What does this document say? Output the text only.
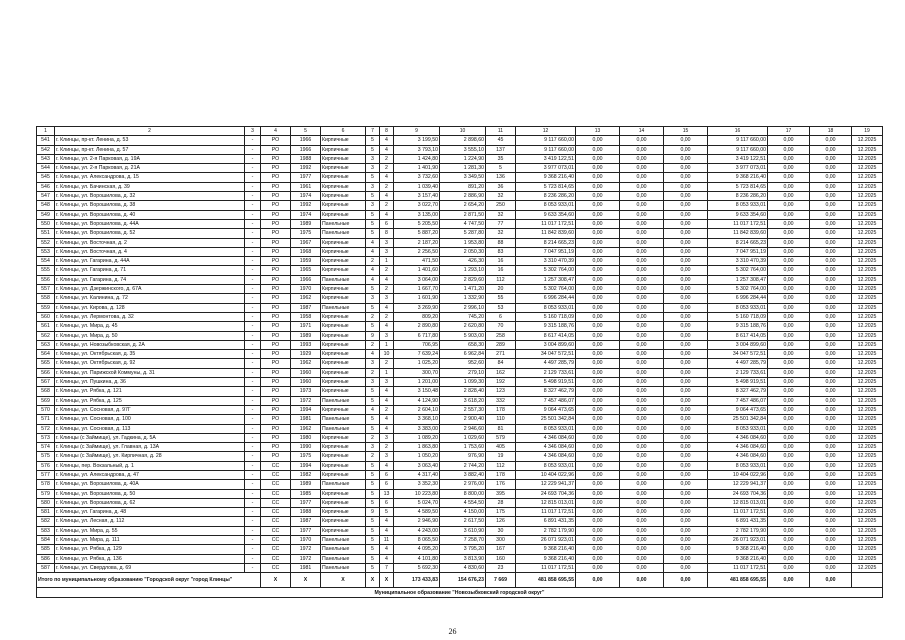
1	2	3	4	5	6	7	8	9	10	11	12	13	14	15	16	17	18	19
541	г. Клинцы, пр-кт. Ленина, д. 53	-	РО	1966	Кирпичные	5	4	3 199,50	2 898,60	45	9 117 660,00	0,00	0,00	0,00	9 117 660,00	0,00	0,00	12.2025
542	г. Клинцы, пр-кт. Ленина, д. 57	-	РО	1966	Кирпичные	5	4	3 793,10	3 555,10	137	9 117 660,00	0,00	0,00	0,00	9 117 660,00	0,00	0,00	12.2025
543	г. Клинцы, ул. 2-я Парковая, д. 19А	-	РО	1988	Кирпичные	3	2	1 424,80	1 224,90	35	3 419 122,51	0,00	0,00	0,00	3 419 122,51	0,00	0,00	12.2025
544	г. Клинцы, ул. 2-я Парковая, д. 21А	-	РО	1992	Кирпичные	3	2	1 401,90	1 281,30	5	3 977 073,01	0,00	0,00	0,00	3 977 073,01	0,00	0,00	12.2025
545	г. Клинцы, ул. Александрова, д. 15	-	РО	1977	Кирпичные	5	4	3 732,60	3 349,50	136	9 368 216,40	0,00	0,00	0,00	9 368 216,40	0,00	0,00	12.2025
546	г. Клинцы, ул. Бачинская, д. 39	-	РО	1961	Кирпичные	3	2	1 039,40	891,20	36	5 723 814,65	0,00	0,00	0,00	5 723 814,65	0,00	0,00	12.2025
547	г. Клинцы, ул. Ворошилова, д. 32	-	РО	1974	Кирпичные	5	4	3 157,40	2 886,90	32	8 236 286,20	0,00	0,00	0,00	8 236 286,20	0,00	0,00	12.2025
548	г. Клинцы, ул. Ворошилова, д. 38	-	РО	1992	Кирпичные	3	2	3 022,70	2 654,20	250	8 053 933,01	0,00	0,00	0,00	8 053 933,01	0,00	0,00	12.2025
549	г. Клинцы, ул. Ворошилова, д. 40	-	РО	1974	Кирпичные	5	4	3 135,00	2 871,50	32	9 633 354,60	0,00	0,00	0,00	9 633 354,60	0,00	0,00	12.2025
550	г. Клинцы, ул. Ворошилова, д. 44А	-	РО	1989	Панельные	5	6	5 205,50	4 747,50	77	11 017 172,51	0,00	0,00	0,00	11 017 172,51	0,00	0,00	12.2025
551	г. Клинцы, ул. Ворошилова, д. 52	-	РО	1975	Панельные	5	8	5 887,20	5 287,80	32	11 842 839,60	0,00	0,00	0,00	11 842 839,60	0,00	0,00	12.2025
552	г. Клинцы, ул. Восточная, д. 2	-	РО	1967	Кирпичные	4	3	2 187,20	1 953,80	88	8 214 665,23	0,00	0,00	0,00	8 214 665,23	0,00	0,00	12.2025
553	г. Клинцы, ул. Восточная, д. 4	-	РО	1968	Кирпичные	4	3	2 256,50	2 050,30	83	7 047 951,19	0,00	0,00	0,00	7 047 951,19	0,00	0,00	12.2025
554	г. Клинцы, ул. Гагарина, д. 44А	-	РО	1959	Кирпичные	2	1	471,50	426,30	16	3 310 470,39	0,00	0,00	0,00	3 310 470,39	0,00	0,00	12.2025
555	г. Клинцы, ул. Гагарина, д. 71	-	РО	1965	Кирпичные	4	2	1 401,60	1 293,10	16	5 302 764,00	0,00	0,00	0,00	5 302 764,00	0,00	0,00	12.2025
556	г. Клинцы, ул. Гагарина, д. 74	-	РО	1966	Панельные	4	4	3 064,00	2 829,60	112	1 257 308,47	0,00	0,00	0,00	1 257 308,47	0,00	0,00	12.2025
557	г. Клинцы, ул. Дзержинского, д. 67А	-	РО	1970	Кирпичные	5	2	1 667,70	1 471,20	20	5 302 764,00	0,00	0,00	0,00	5 302 764,00	0,00	0,00	12.2025
558	г. Клинцы, ул. Калинина, д. 72	-	РО	1962	Кирпичные	3	3	1 601,90	1 332,90	55	6 996 284,44	0,00	0,00	0,00	6 996 284,44	0,00	0,00	12.2025
559	г. Клинцы, ул. Кирова, д. 128	-	РО	1987	Панельные	5	4	3 269,90	2 996,10	53	8 053 933,01	0,00	0,00	0,00	8 053 933,01	0,00	0,00	12.2025
560	г. Клинцы, ул. Лермонтова, д. 32	-	РО	1958	Кирпичные	2	2	809,20	745,20	6	5 160 718,09	0,00	0,00	0,00	5 160 718,09	0,00	0,00	12.2025
561	г. Клинцы, ул. Мира, д. 45	-	РО	1971	Кирпичные	5	4	2 890,80	2 620,80	70	9 315 188,76	0,00	0,00	0,00	9 315 188,76	0,00	0,00	12.2025
562	г. Клинцы, ул. Мира, д. 50	-	РО	1989	Кирпичные	9	3	6 717,80	5 903,00	258	8 617 414,05	0,00	0,00	0,00	8 617 414,05	0,00	0,00	12.2025
563	г. Клинцы, ул. Новозыбковская, д. 2А	-	РО	1993	Кирпичные	2	1	706,95	658,30	289	3 004 899,60	0,00	0,00	0,00	3 004 899,60	0,00	0,00	12.2025
564	г. Клинцы, ул. Октябрьская, д. 35	-	РО	1929	Кирпичные	4	10	7 639,24	6 962,84	271	34 047 572,51	0,00	0,00	0,00	34 047 572,51	0,00	0,00	12.2025
565	г. Клинцы, ул. Октябрьская, д. 92	-	РО	1962	Кирпичные	3	2	1 025,20	952,60	84	4 497 285,79	0,00	0,00	0,00	4 497 285,79	0,00	0,00	12.2025
566	г. Клинцы, ул. Парижской Коммуны, д. 31	-	РО	1960	Кирпичные	2	1	300,70	279,10	162	2 129 733,61	0,00	0,00	0,00	2 129 733,61	0,00	0,00	12.2025
567	г. Клинцы, ул. Пушкина, д. 36	-	РО	1960	Кирпичные	3	3	1 201,00	1 099,30	192	5 498 919,51	0,00	0,00	0,00	5 498 919,51	0,00	0,00	12.2025
568	г. Клинцы, ул. Рябка, д. 121	-	РО	1973	Кирпичные	5	4	3 150,48	2 828,40	123	8 327 462,79	0,00	0,00	0,00	8 327 462,79	0,00	0,00	12.2025
569	г. Клинцы, ул. Рябка, д. 125	-	РО	1972	Панельные	5	4	4 124,90	3 618,20	332	7 457 486,07	0,00	0,00	0,00	7 457 486,07	0,00	0,00	12.2025
570	г. Клинцы, ул. Сосновая, д. 97Г	-	РО	1994	Кирпичные	4	2	2 604,10	2 557,30	178	9 064 473,65	0,00	0,00	0,00	9 064 473,65	0,00	0,00	12.2025
571	г. Клинцы, ул. Сосновая, д. 100	-	РО	1981	Панельные	5	4	3 368,10	2 900,40	110	25 501 342,84	0,00	0,00	0,00	25 501 342,84	0,00	0,00	12.2025
572	г. Клинцы, ул. Сосновая, д. 113	-	РО	1962	Панельные	5	4	3 383,00	2 946,60	81	8 053 933,01	0,00	0,00	0,00	8 053 933,01	0,00	0,00	12.2025
573	г. Клинцы (с Займище), ул. Гадкина, д. 5А	-	РО	1980	Кирпичные	2	3	1 089,20	1 029,60	579	4 346 084,60	0,00	0,00	0,00	4 346 084,60	0,00	0,00	12.2025
574	г. Клинцы (с Займище), ул. Главная, д. 13А	-	РО	1990	Кирпичные	3	2	1 863,80	1 753,60	405	4 346 084,60	0,00	0,00	0,00	4 346 084,60	0,00	0,00	12.2025
575	г. Клинцы (с Займище), ул. Кирпичная, д. 28	-	РО	1975	Кирпичные	2	3	1 050,20	976,90	19	4 346 084,60	0,00	0,00	0,00	4 346 084,60	0,00	0,00	12.2025
576	г. Клинцы, пер. Вокзальный, д. 1	-	СС	1994	Кирпичные	5	4	3 063,40	2 744,20	112	8 053 933,01	0,00	0,00	0,00	8 053 933,01	0,00	0,00	12.2025
577	г. Клинцы, ул. Александрова, д. 47	-	СС	1982	Кирпичные	5	6	4 317,40	3 882,40	178	10 404 022,96	0,00	0,00	0,00	10 404 022,96	0,00	0,00	12.2025
578	г. Клинцы, ул. Ворошилова, д. 40А	-	СС	1989	Панельные	5	6	3 352,30	2 976,00	176	12 229 941,37	0,00	0,00	0,00	12 229 941,37	0,00	0,00	12.2025
579	г. Клинцы, ул. Ворошилова, д. 50	-	СС	1985	Кирпичные	5	13	10 223,80	8 800,00	395	24 693 704,36	0,00	0,00	0,00	24 693 704,36	0,00	0,00	12.2025
580	г. Клинцы, ул. Ворошилова, д. 62	-	СС	1977	Кирпичные	5	6	5 024,70	4 554,50	28	12 815 013,01	0,00	0,00	0,00	12 815 013,01	0,00	0,00	12.2025
581	г. Клинцы, ул. Гагарина, д. 48	-	СС	1988	Кирпичные	9	5	4 589,50	4 150,00	175	11 017 172,51	0,00	0,00	0,00	11 017 172,51	0,00	0,00	12.2025
582	г. Клинцы, ул. Лесная, д. 112	-	СС	1987	Кирпичные	5	4	2 946,90	2 617,50	126	6 891 431,35	0,00	0,00	0,00	6 891 431,35	0,00	0,00	12.2025
583	г. Клинцы, ул. Мира, д. 55	-	СС	1977	Кирпичные	5	4	4 243,00	3 610,90	30	2 782 179,90	0,00	0,00	0,00	2 782 179,90	0,00	0,00	12.2025
584	г. Клинцы, ул. Мира, д. 111	-	СС	1970	Панельные	5	11	8 065,50	7 258,70	300	26 071 923,01	0,00	0,00	0,00	26 071 923,01	0,00	0,00	12.2025
585	г. Клинцы, ул. Рябка, д. 129	-	СС	1972	Панельные	5	4	4 095,20	3 795,20	167	9 368 216,40	0,00	0,00	0,00	9 368 216,40	0,00	0,00	12.2025
586	г. Клинцы, ул. Рябка, д. 136	-	СС	1972	Панельные	5	4	4 101,80	3 813,90	160	9 368 216,40	0,00	0,00	0,00	9 368 216,40	0,00	0,00	12.2025
587	г. Клинцы, ул. Свердлова, д. 69	-	СС	1981	Панельные	5	7	5 692,30	4 830,60	23	11 017 172,51	0,00	0,00	0,00	11 017 172,51	0,00	0,00	12.2025
Итого по муниципальному образованию "Городской округ "город Клинцы"			X	X	X	X	X	173 433,83	154 676,23	7 669	481 858 695,55	0,00	0,00	0,00	481 858 695,55	0,00	0,00	
Муниципальное образование "Новозыбковский городской округ"																		
26
